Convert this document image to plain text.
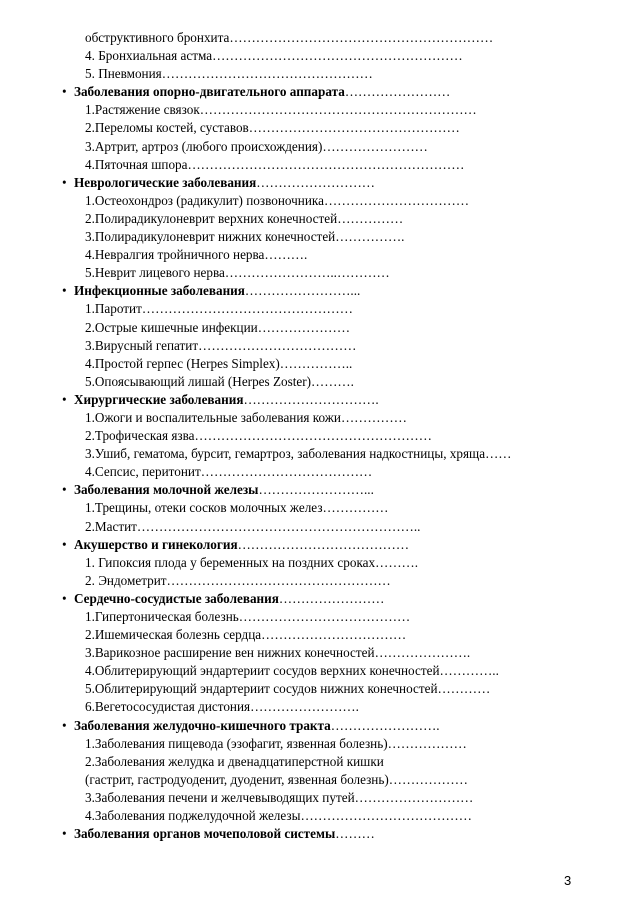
обструктивного бронхита……………………………………………………
4. Бронхиальная астма…………………………………………………
5. Пневмония…………………………………………
• Заболевания опорно-двигательного аппарата……………………
1.Растяжение связок………………………………………………………
2.Переломы костей, суставов…………………………………………
3.Артрит, артроз (любого происхождения)……………………
4.Пяточная шпора………………………………………………………
• Неврологические заболевания………………………
1.Остеохондроз (радикулит) позвоночника……………………………
2.Полирадикулоневрит верхних конечностей……………
3.Полирадикулоневрит нижних конечностей…………….
4.Невралгия тройничного нерва……….
5.Неврит лицевого нерва……………………..…………
• Инфекционные заболевания……………………...
1.Паротит…………………………………………
2.Острые кишечные инфекции…………………
3.Вирусный гепатит………………………………
4.Простой герпес (Herpes Simplex)……………..
5.Опоясывающий лишай (Herpes Zoster)……….
• Хирургические заболевания………………………….
1.Ожоги и воспалительные заболевания кожи……………
2.Трофическая язва………………………………………………
3.Ушиб, гематома, бурсит, гемартроз, заболевания надкостницы, хряща……
4.Сепсис, перитонит…………………………………
• Заболевания молочной железы……………………...
1.Трещины, отеки сосков молочных желез……………
2.Мастит………………………………………………………..
• Акушерство и гинекология…………………………………
1. Гипоксия плода у беременных на поздних сроках……….
2. Эндометрит……………………………………………
• Сердечно-сосудистые заболевания……………………
1.Гипертоническая болезнь…………………………………
2.Ишемическая болезнь сердца……………………………
3.Варикозное расширение вен нижних конечностей………………….
4.Облитерирующий эндартериит сосудов верхних конечностей…………..
5.Облитерирующий эндартериит сосудов нижних конечностей…………
6.Вегетососудистая дистония…………………….
• Заболевания желудочно-кишечного тракта…………………….
1.Заболевания пищевода (эзофагит, язвенная болезнь)………………
2.Заболевания желудка и двенадцатиперстной кишки
(гастрит, гастродуоденит, дуоденит, язвенная болезнь)………………
3.Заболевания печени и желчевыводящих путей………………………
4.Заболевания поджелудочной железы…………………………………
• Заболевания органов мочеполовой системы………
3
